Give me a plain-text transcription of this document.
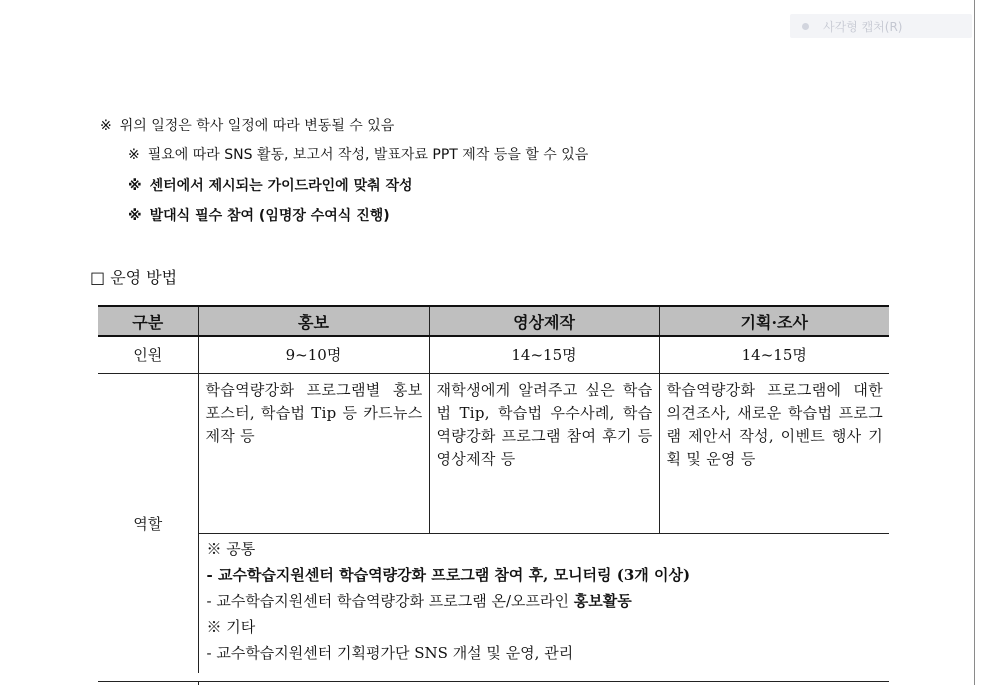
사각형 캡처(R)
※ 위의 일정은 학사 일정에 따라 변동될 수 있음
※ 필요에 따라 SNS 활동, 보고서 작성, 발표자료 PPT 제작 등을 할 수 있음
※ 센터에서 제시되는 가이드라인에 맞춰 작성
※ 발대식 필수 참여 (임명장 수여식 진행)
□ 운영 방법
구분	홍보	영상제작	기획·조사
인원	9~10명	14~15명	14~15명
역할	학습역량강화 프로그램별 홍보포스터, 학습법 Tip 등 카드뉴스 제작 등	재학생에게 알려주고 싶은 학습법 Tip, 학습법 우수사례, 학습역량강화 프로그램 참여 후기 등 영상제작 등	학습역량강화 프로그램에 대한 의견조사, 새로운 학습법 프로그램 제안서 작성, 이벤트 행사 기획 및 운영 등

	※ 공통
- 교수학습지원센터 학습역량강화 프로그램 참여 후, 모니터링 (3개 이상)
- 교수학습지원센터 학습역량강화 프로그램 온/오프라인 홍보활동
※ 기타
- 교수학습지원센터 기획평가단 SNS 개설 및 운영, 관리		
